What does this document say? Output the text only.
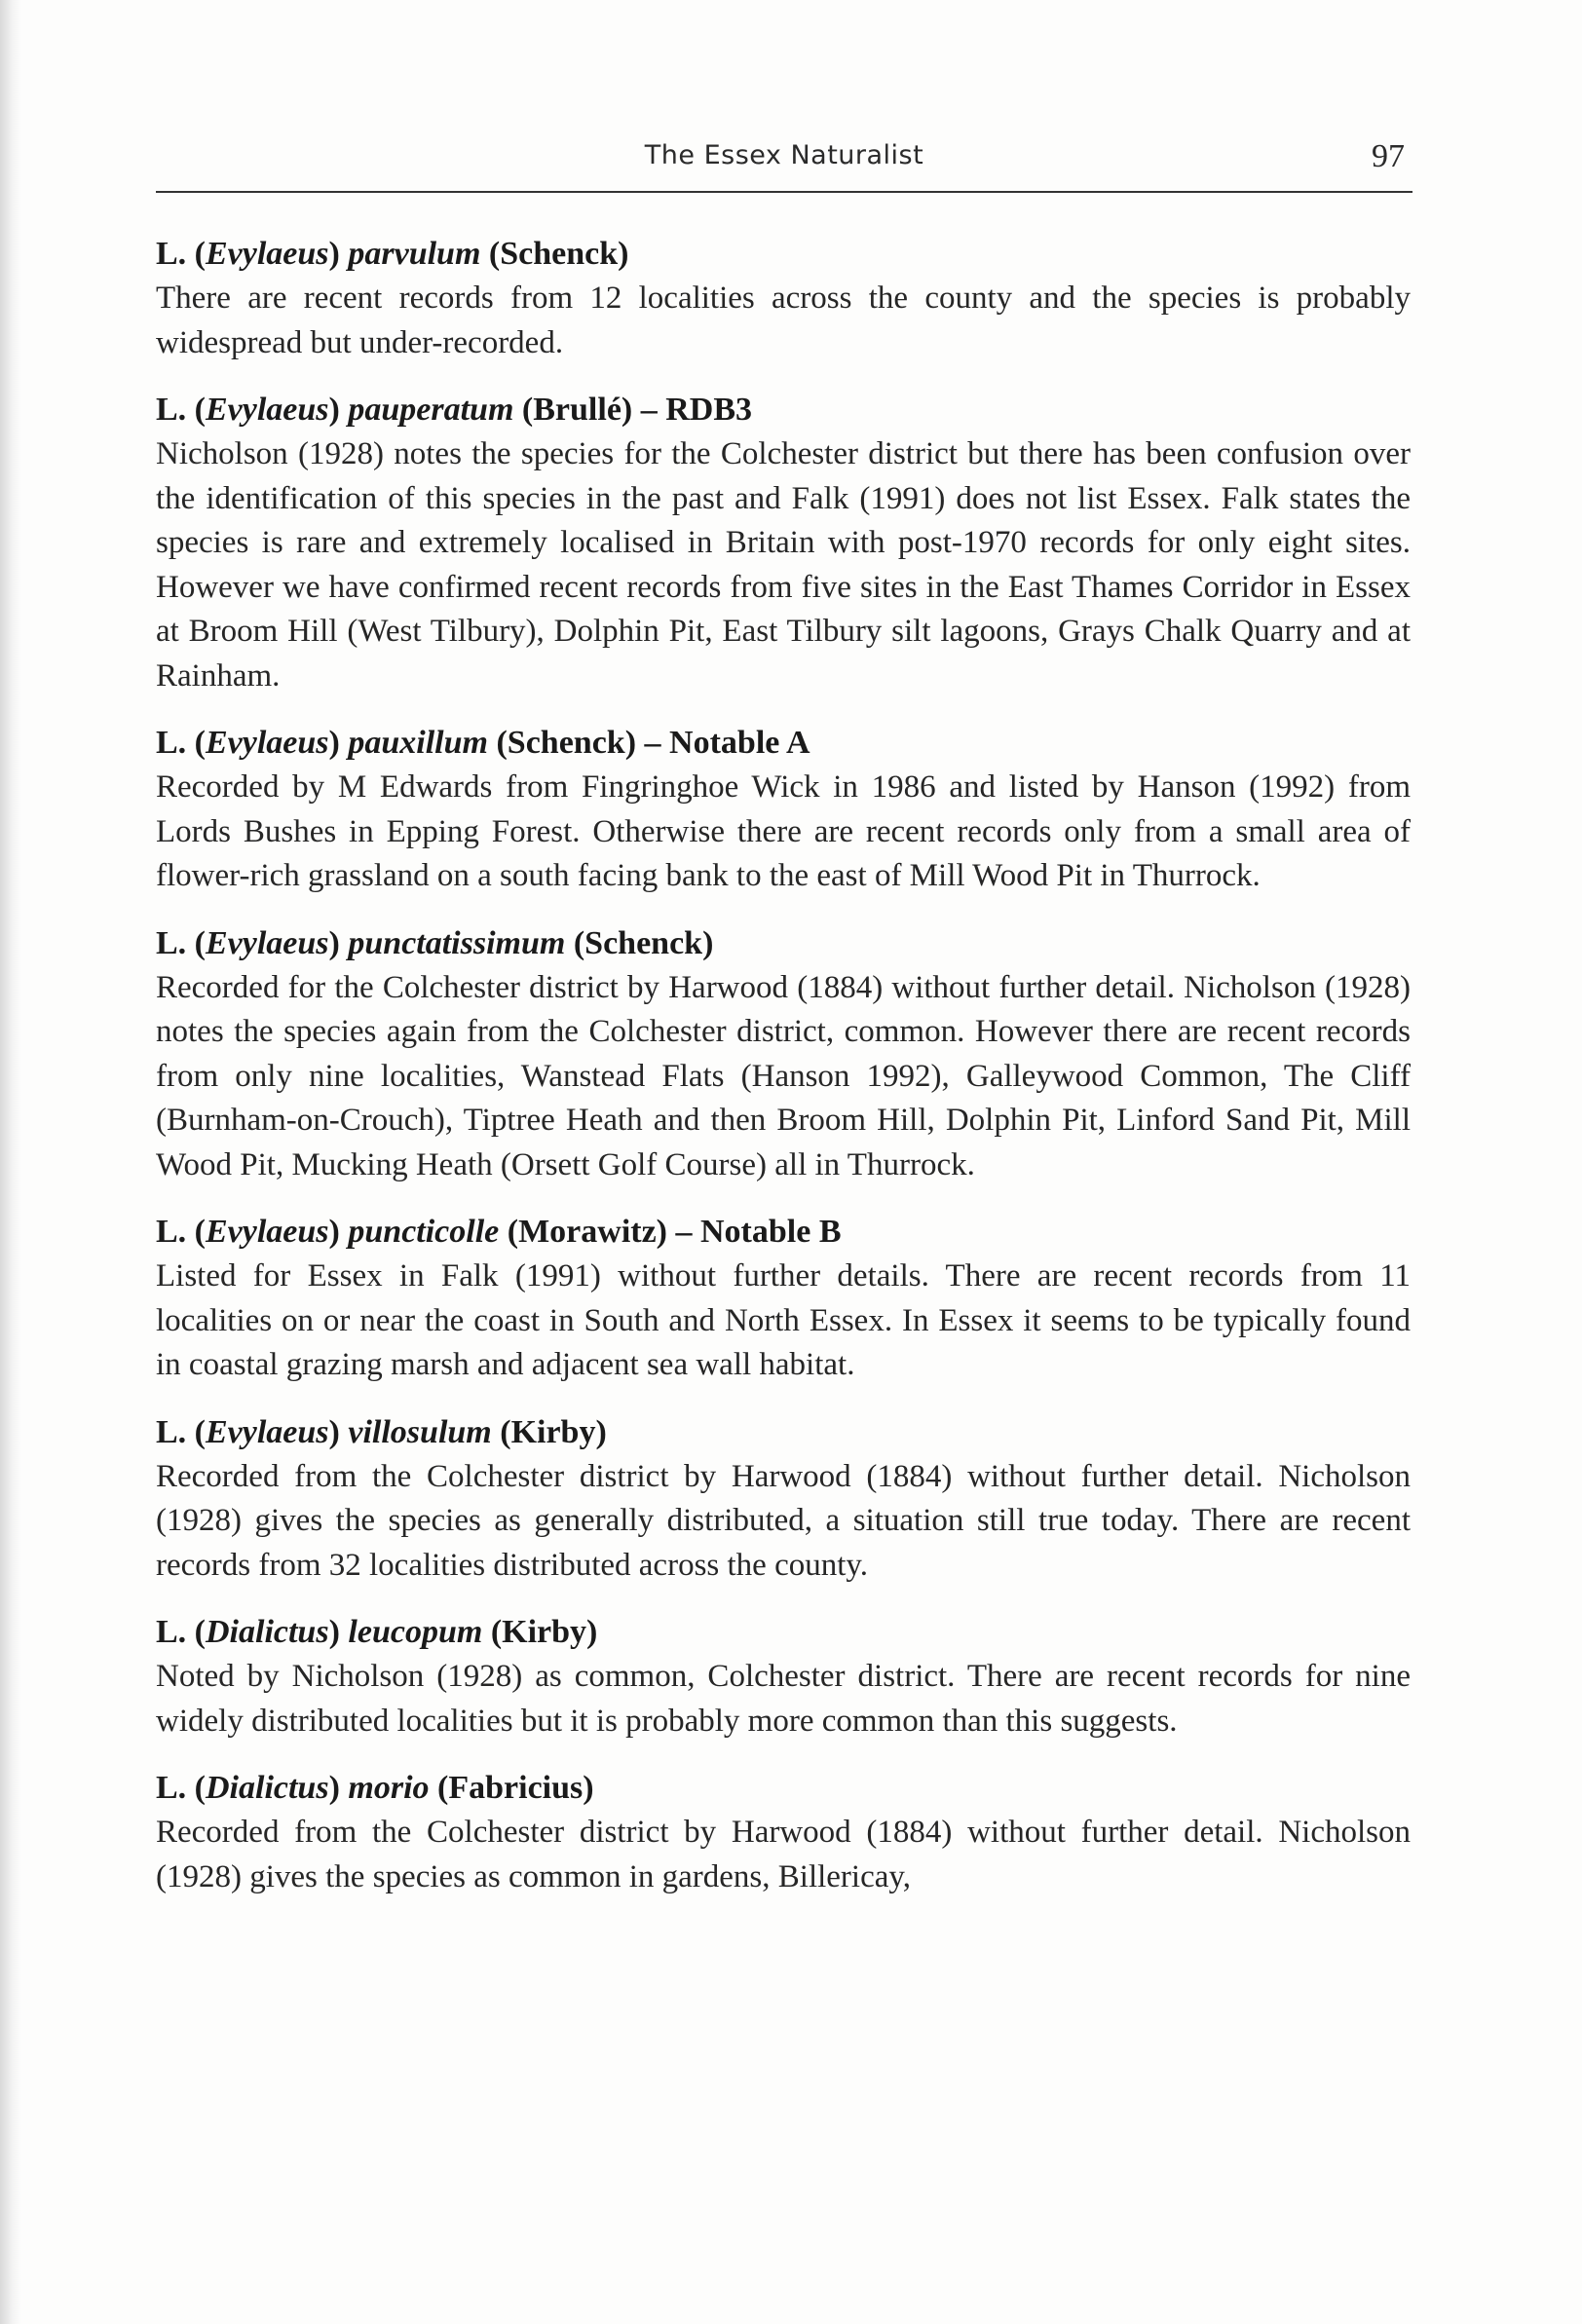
The Essex Naturalist	97
L. (Evylaeus) parvulum (Schenck)

There are recent records from 12 localities across the county and the species is probably widespread but under-recorded.

L. (Evylaeus) pauperatum (Brullé) – RDB3

Nicholson (1928) notes the species for the Colchester district but there has been confusion over the identification of this species in the past and Falk (1991) does not list Essex. Falk states the species is rare and extremely localised in Britain with post-1970 records for only eight sites. However we have confirmed recent records from five sites in the East Thames Corridor in Essex at Broom Hill (West Tilbury), Dolphin Pit, East Tilbury silt lagoons, Grays Chalk Quarry and at Rainham.

L. (Evylaeus) pauxillum (Schenck) – Notable A

Recorded by M Edwards from Fingringhoe Wick in 1986 and listed by Hanson (1992) from Lords Bushes in Epping Forest. Otherwise there are recent records only from a small area of flower-rich grassland on a south facing bank to the east of Mill Wood Pit in Thurrock.

L. (Evylaeus) punctatissimum (Schenck)

Recorded for the Colchester district by Harwood (1884) without further detail. Nicholson (1928) notes the species again from the Colchester district, common. However there are recent records from only nine localities, Wanstead Flats (Hanson 1992), Galleywood Common, The Cliff (Burnham-on-Crouch), Tiptree Heath and then Broom Hill, Dolphin Pit, Linford Sand Pit, Mill Wood Pit, Mucking Heath (Orsett Golf Course) all in Thurrock.

L. (Evylaeus) puncticolle (Morawitz) – Notable B

Listed for Essex in Falk (1991) without further details. There are recent records from 11 localities on or near the coast in South and North Essex. In Essex it seems to be typically found in coastal grazing marsh and adjacent sea wall habitat.

L. (Evylaeus) villosulum (Kirby)

Recorded from the Colchester district by Harwood (1884) without further detail. Nicholson (1928) gives the species as generally distributed, a situation still true today. There are recent records from 32 localities distributed across the county.

L. (Dialictus) leucopum (Kirby)

Noted by Nicholson (1928) as common, Colchester district. There are recent records for nine widely distributed localities but it is probably more common than this suggests.

L. (Dialictus) morio (Fabricius)

Recorded from the Colchester district by Harwood (1884) without further detail. Nicholson (1928) gives the species as common in gardens, Billericay,
